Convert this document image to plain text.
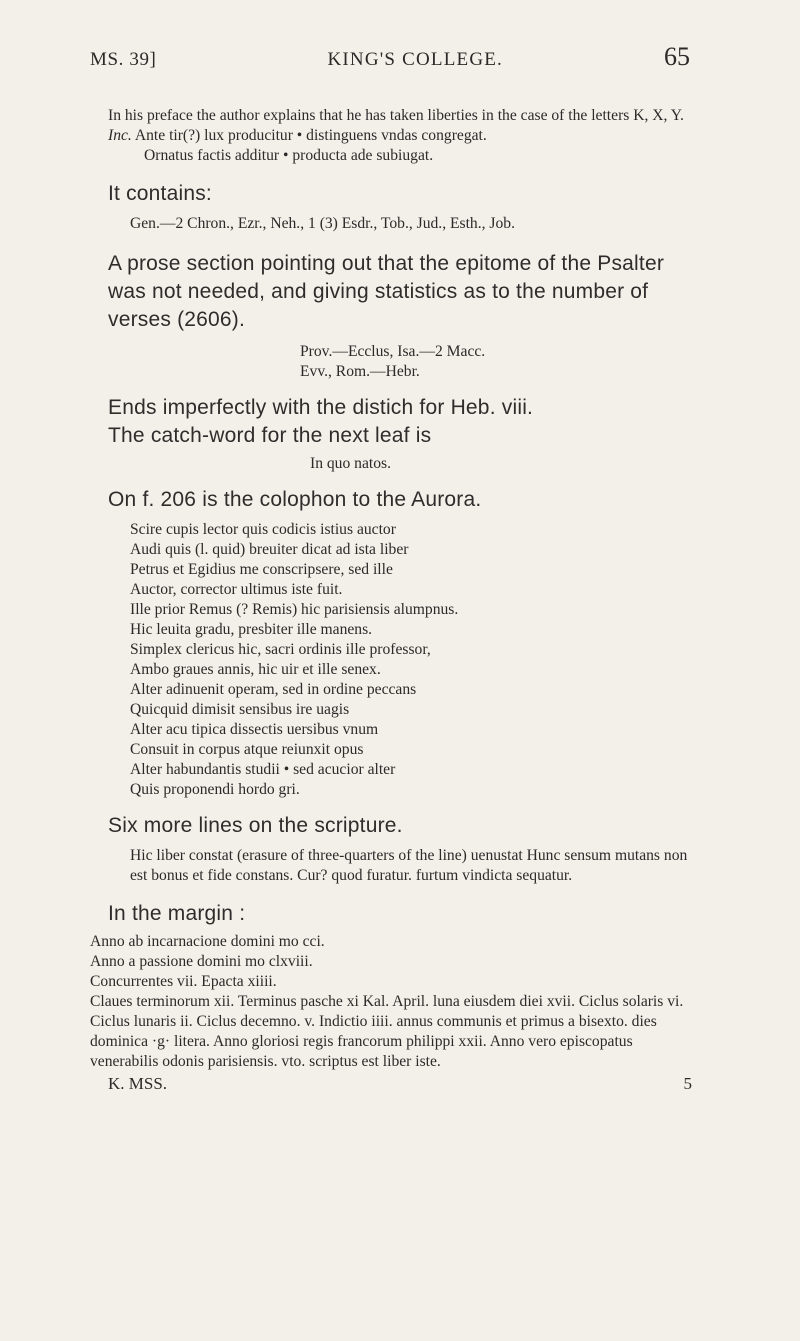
MS. 39]	KING'S COLLEGE.	65

In his preface the author explains that he has taken liberties in the case of the letters K, X, Y.

Inc. Ante tir(?) lux producitur • distinguens vndas congregat.

Ornatus factis additur • producta ade subiugat.

It contains:

Gen.—2 Chron., Ezr., Neh., 1 (3) Esdr., Tob., Jud., Esth., Job.

A prose section pointing out that the epitome of the Psalter was not needed, and giving statistics as to the number of verses (2606).

Prov.—Ecclus, Isa.—2 Macc.
Evv., Rom.—Hebr.

Ends imperfectly with the distich for Heb. viii.

The catch-word for the next leaf is

In quo natos.

On f. 206 is the colophon to the Aurora.

Scire cupis lector quis codicis istius auctor
Audi quis (l. quid) breuiter dicat ad ista liber
Petrus et Egidius me conscripsere, sed ille
Auctor, corrector ultimus iste fuit.
Ille prior Remus (? Remis) hic parisiensis alumpnus.
Hic leuita gradu, presbiter ille manens.
Simplex clericus hic, sacri ordinis ille professor,
Ambo graues annis, hic uir et ille senex.
Alter adinuenit operam, sed in ordine peccans
Quicquid dimisit sensibus ire uagis
Alter acu tipica dissectis uersibus vnum
Consuit in corpus atque reiunxit opus
Alter habundantis studii • sed acucior alter
Quis proponendi hordo gri.

Six more lines on the scripture.

Hic liber constat (erasure of three-quarters of the line) uenustat Hunc sensum mutans non est bonus et fide constans. Cur? quod furatur. furtum vindicta sequatur.

In the margin :

Anno ab incarnacione domini mo cci.

Anno a passione domini mo clxviii.

Concurrentes vii. Epacta xiiii.

Claues terminorum xii. Terminus pasche xi Kal. April. luna eiusdem diei xvii. Ciclus solaris vi. Ciclus lunaris ii. Ciclus decemno. v. Indictio iiii. annus communis et primus a bisexto. dies dominica ·g· litera. Anno gloriosi regis francorum philippi xxii. Anno vero episcopatus venerabilis odonis parisiensis. vto. scriptus est liber iste.

K. MSS.	5
